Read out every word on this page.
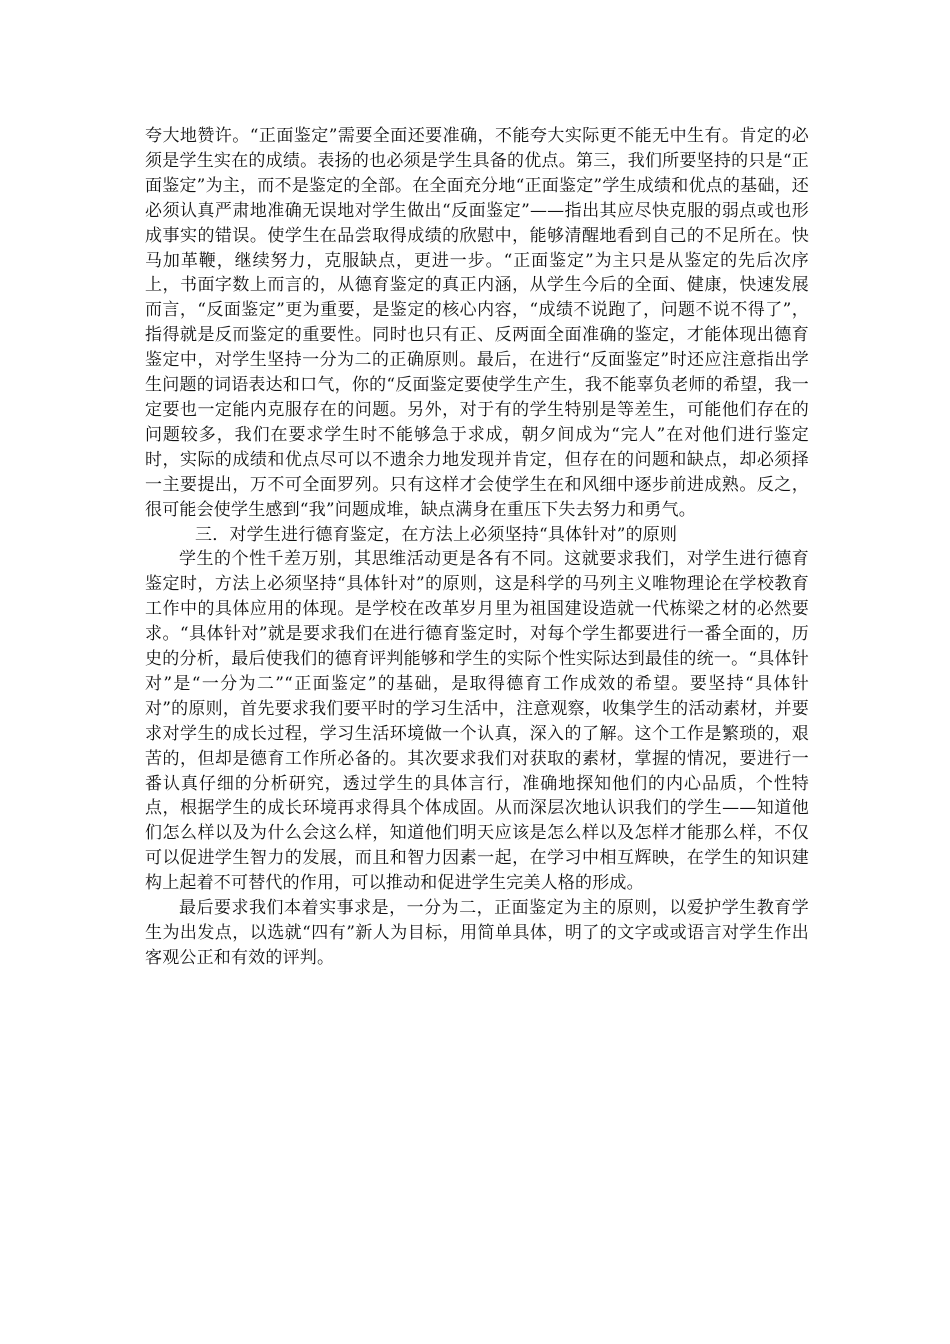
夸大地赞许。“正面鉴定”需要全面还要准确，不能夸大实际更不能无中生有。肯定的必须是学生实在的成绩。表扬的也必须是学生具备的优点。第三，我们所要坚持的只是“正面鉴定”为主，而不是鉴定的全部。在全面充分地“正面鉴定”学生成绩和优点的基础，还必须认真严肃地准确无误地对学生做出“反面鉴定”——指出其应尽快克服的弱点或也形成事实的错误。使学生在品尝取得成绩的欣慰中，能够清醒地看到自己的不足所在。快马加革鞭，继续努力，克服缺点，更进一步。“正面鉴定”为主只是从鉴定的先后次序上，书面字数上而言的，从德育鉴定的真正内涵，从学生今后的全面、健康，快速发展而言，“反面鉴定”更为重要，是鉴定的核心内容，“成绩不说跑了，问题不说不得了”，指得就是反而鉴定的重要性。同时也只有正、反两面全面准确的鉴定，才能体现出德育鉴定中，对学生坚持一分为二的正确原则。最后，在进行“反面鉴定”时还应注意指出学生问题的词语表达和口气，你的“反面鉴定要使学生产生，我不能辜负老师的希望，我一定要也一定能内克服存在的问题。另外，对于有的学生特别是等差生，可能他们存在的问题较多，我们在要求学生时不能够急于求成，朝夕间成为“完人”在对他们进行鉴定时，实际的成绩和优点尽可以不遗余力地发现并肯定，但存在的问题和缺点，却必须择一主要提出，万不可全面罗列。只有这样才会使学生在和风细中逐步前进成熟。反之，很可能会使学生感到“我”问题成堆，缺点满身在重压下失去努力和勇气。

三．对学生进行德育鉴定，在方法上必须坚持“具体针对”的原则

学生的个性千差万别，其思维活动更是各有不同。这就要求我们，对学生进行德育鉴定时，方法上必须坚持“具体针对”的原则，这是科学的马列主义唯物理论在学校教育工作中的具体应用的体现。是学校在改革岁月里为祖国建设造就一代栋梁之材的必然要求。“具体针对”就是要求我们在进行德育鉴定时，对每个学生都要进行一番全面的，历史的分析，最后使我们的德育评判能够和学生的实际个性实际达到最佳的统一。“具体针对”是“一分为二”“正面鉴定”的基础，是取得德育工作成效的希望。要坚持“具体针对”的原则，首先要求我们要平时的学习生活中，注意观察，收集学生的活动素材，并要求对学生的成长过程，学习生活环境做一个认真，深入的了解。这个工作是繁琐的，艰苦的，但却是德育工作所必备的。其次要求我们对获取的素材，掌握的情况，要进行一番认真仔细的分析研究，透过学生的具体言行，准确地探知他们的内心品质，个性特点，根据学生的成长环境再求得具个体成固。从而深层次地认识我们的学生——知道他们怎么样以及为什么会这么样，知道他们明天应该是怎么样以及怎样才能那么样，不仅可以促进学生智力的发展，而且和智力因素一起，在学习中相互辉映，在学生的知识建构上起着不可替代的作用，可以推动和促进学生完美人格的形成。

最后要求我们本着实事求是，一分为二，正面鉴定为主的原则，以爱护学生教育学生为出发点，以选就“四有”新人为目标，用简单具体，明了的文字或或语言对学生作出客观公正和有效的评判。
